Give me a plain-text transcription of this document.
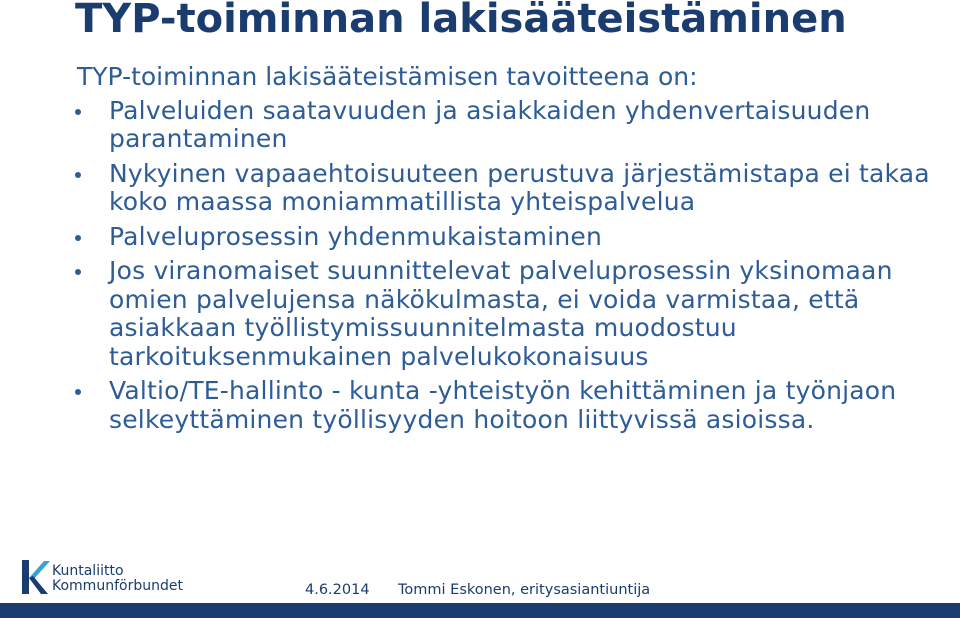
TYP-toiminnan lakisääteistäminen

TYP-toiminnan lakisääteistämisen tavoitteena on:

Palveluiden saatavuuden ja asiakkaiden yhdenvertaisuuden parantaminen
Nykyinen vapaaehtoisuuteen perustuva järjestämistapa ei takaa koko maassa moniammatillista yhteispalvelua
Palveluprosessin yhdenmukaistaminen
Jos viranomaiset suunnittelevat palveluprosessin yksinomaan omien palvelujensa näkökulmasta, ei voida varmistaa, että asiakkaan työllistymissuunnitelmasta muodostuu tarkoituksenmukainen palvelukokonaisuus
Valtio/TE-hallinto - kunta -yhteistyön kehittäminen ja työnjaon selkeyttäminen työllisyyden hoitoon liittyvissä asioissa.
Kuntaliitto
Kommunförbundet	4.6.2014 Tommi Eskonen, eritysasiantiuntija
